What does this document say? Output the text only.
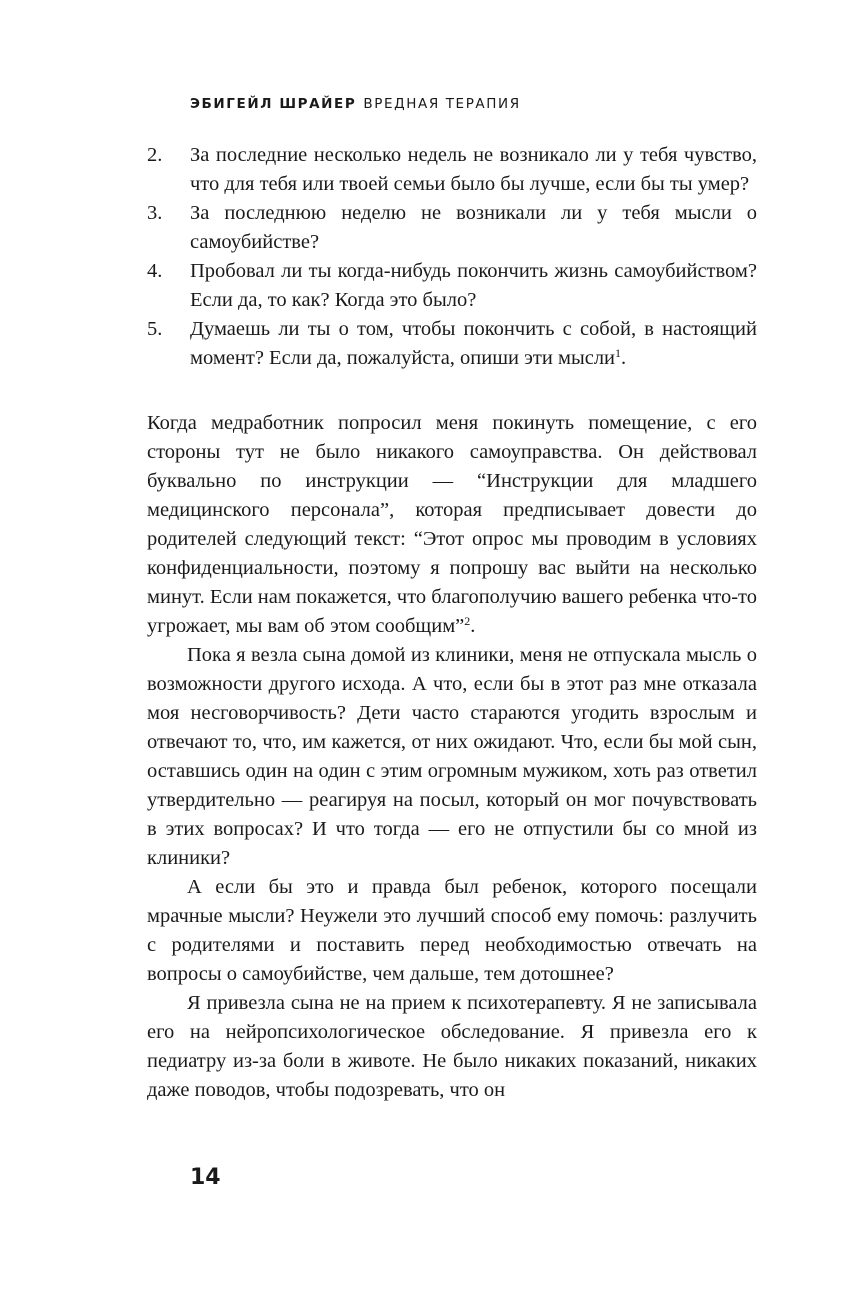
ЭБИГЕЙЛ ШРАЙЕР ВРЕДНАЯ ТЕРАПИЯ
2. За последние несколько недель не возникало ли у тебя чувство, что для тебя или твоей семьи было бы лучше, если бы ты умер?
3. За последнюю неделю не возникали ли у тебя мысли о самоубийстве?
4. Пробовал ли ты когда-нибудь покончить жизнь самоубийством? Если да, то как? Когда это было?
5. Думаешь ли ты о том, чтобы покончить с собой, в настоящий момент? Если да, пожалуйста, опиши эти мысли$^1$.

Когда медработник попросил меня покинуть помещение, с его стороны тут не было никакого самоуправства. Он действовал буквально по инструкции — “Инструкции для младшего медицинского персонала”, которая предписывает довести до родителей следующий текст: “Этот опрос мы проводим в условиях конфиденциальности, поэтому я попрошу вас выйти на несколько минут. Если нам покажется, что благополучию вашего ребенка что-то угрожает, мы вам об этом сообщим”$^2$.

Пока я везла сына домой из клиники, меня не отпускала мысль о возможности другого исхода. А что, если бы в этот раз мне отказала моя несговорчивость? Дети часто стараются угодить взрослым и отвечают то, что, им кажется, от них ожидают. Что, если бы мой сын, оставшись один на один с этим огромным мужиком, хоть раз ответил утвердительно — реагируя на посыл, который он мог почувствовать в этих вопросах? И что тогда — его не отпустили бы со мной из клиники?

А если бы это и правда был ребенок, которого посещали мрачные мысли? Неужели это лучший способ ему помочь: разлучить с родителями и поставить перед необходимостью отвечать на вопросы о самоубийстве, чем дальше, тем дотошнее?

Я привезла сына не на прием к психотерапевту. Я не записывала его на нейропсихологическое обследование. Я привезла его к педиатру из-за боли в животе. Не было никаких показаний, никаких даже поводов, чтобы подозревать, что он

14
